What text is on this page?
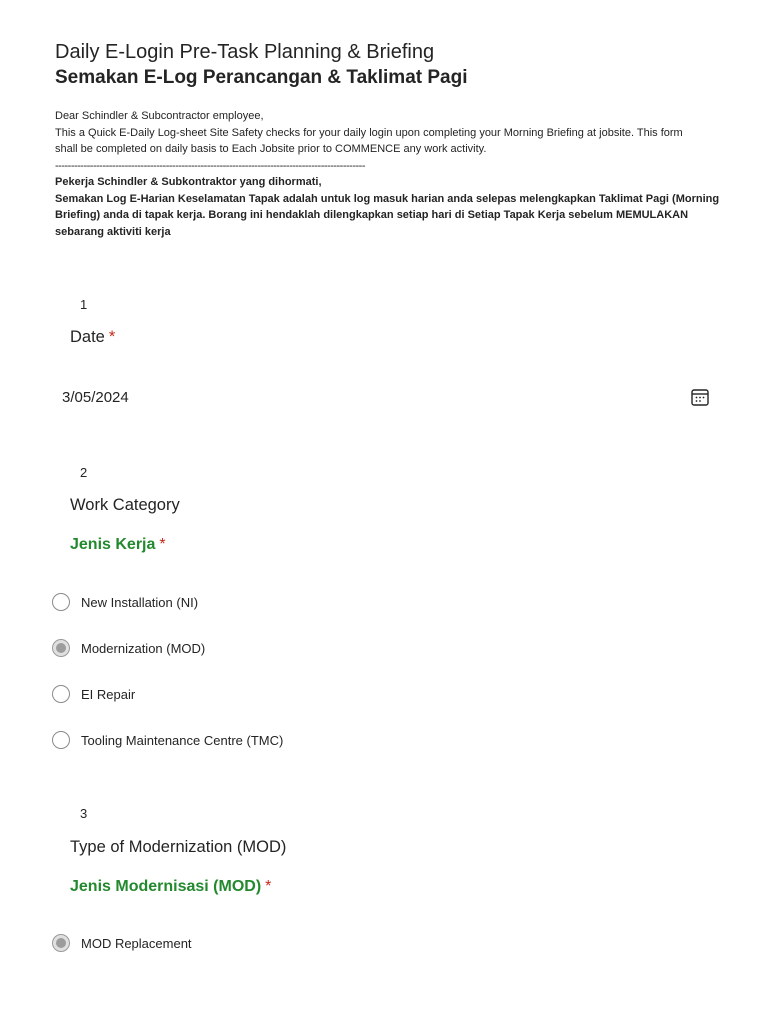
Daily E-Login Pre-Task Planning & Briefing
Semakan E-Log Perancangan & Taklimat Pagi
Dear Schindler & Subcontractor employee,
This a Quick E-Daily Log-sheet Site Safety checks for your daily login upon completing your Morning Briefing at jobsite. This form
shall be completed on daily basis to Each Jobsite prior to COMMENCE any work activity.
--------------------------------------------------------------------------------------------------
Pekerja Schindler & Subkontraktor yang dihormati,
Semakan Log E-Harian Keselamatan Tapak adalah untuk log masuk harian anda selepas melengkapkan Taklimat Pagi (Morning
Briefing) anda di tapak kerja. Borang ini hendaklah dilengkapkan setiap hari di Setiap Tapak Kerja sebelum MEMULAKAN
sebarang aktiviti kerja
1
Date *
3/05/2024
2
Work Category
Jenis Kerja *
New Installation (NI)
Modernization (MOD)
EI Repair
Tooling Maintenance Centre (TMC)
3
Type of Modernization (MOD)
Jenis Modernisasi (MOD) *
MOD Replacement
